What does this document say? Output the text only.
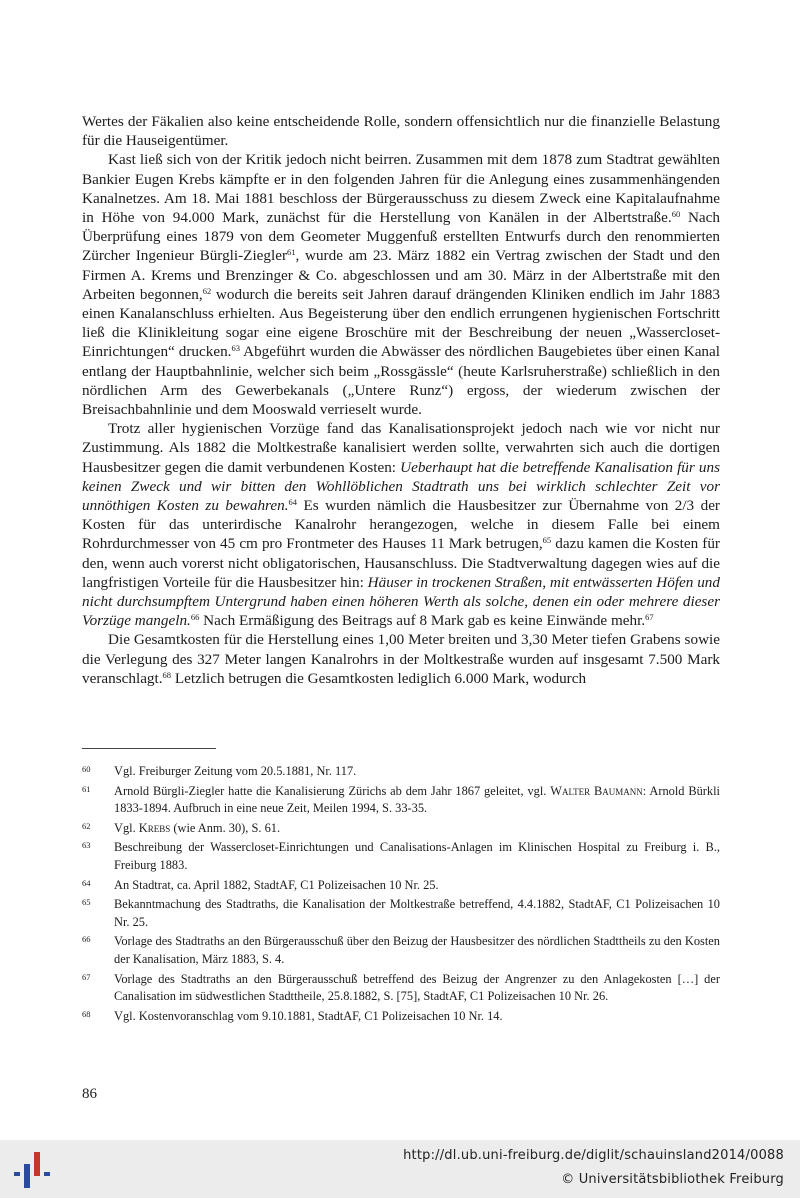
Wertes der Fäkalien also keine entscheidende Rolle, sondern offensichtlich nur die finanzielle Belastung für die Hauseigentümer.

Kast ließ sich von der Kritik jedoch nicht beirren. Zusammen mit dem 1878 zum Stadtrat gewählten Bankier Eugen Krebs kämpfte er in den folgenden Jahren für die Anlegung eines zusammenhängenden Kanalnetzes. Am 18. Mai 1881 beschloss der Bürgerausschuss zu diesem Zweck eine Kapitalaufnahme in Höhe von 94.000 Mark, zunächst für die Herstellung von Kanälen in der Albertstraße.$^{60}$ Nach Überprüfung eines 1879 von dem Geometer Muggenfuß erstellten Entwurfs durch den renommierten Zürcher Ingenieur Bürgli-Ziegler$^{61}$, wurde am 23. März 1882 ein Vertrag zwischen der Stadt und den Firmen A. Krems und Brenzinger & Co. abgeschlossen und am 30. März in der Albertstraße mit den Arbeiten begonnen,$^{62}$ wodurch die bereits seit Jahren darauf drängenden Kliniken endlich im Jahr 1883 einen Kanalanschluss erhielten. Aus Begeisterung über den endlich errungenen hygienischen Fortschritt ließ die Klinikleitung sogar eine eigene Broschüre mit der Beschreibung der neuen „Wassercloset-Einrichtungen“ drucken.$^{63}$ Abgeführt wurden die Abwässer des nördlichen Baugebietes über einen Kanal entlang der Hauptbahnlinie, welcher sich beim „Rossgässle“ (heute Karlsruherstraße) schließlich in den nördlichen Arm des Gewerbekanals („Untere Runz“) ergoss, der wiederum zwischen der Breisachbahnlinie und dem Mooswald verrieselt wurde.

Trotz aller hygienischen Vorzüge fand das Kanalisationsprojekt jedoch nach wie vor nicht nur Zustimmung. Als 1882 die Moltkestraße kanalisiert werden sollte, verwahrten sich auch die dortigen Hausbesitzer gegen die damit verbundenen Kosten: Ueberhaupt hat die betreffende Kanalisation für uns keinen Zweck und wir bitten den Wohllöblichen Stadtrath uns bei wirklich schlechter Zeit vor unnöthigen Kosten zu bewahren.$^{64}$ Es wurden nämlich die Hausbesitzer zur Übernahme von 2/3 der Kosten für das unterirdische Kanalrohr herangezogen, welche in diesem Falle bei einem Rohrdurchmesser von 45 cm pro Frontmeter des Hauses 11 Mark betrugen,$^{65}$ dazu kamen die Kosten für den, wenn auch vorerst nicht obligatorischen, Hausanschluss. Die Stadtverwaltung dagegen wies auf die langfristigen Vorteile für die Hausbesitzer hin: Häuser in trockenen Straßen, mit entwässerten Höfen und nicht durchsumpftem Untergrund haben einen höheren Werth als solche, denen ein oder mehrere dieser Vorzüge mangeln.$^{66}$ Nach Ermäßigung des Beitrags auf 8 Mark gab es keine Einwände mehr.$^{67}$

Die Gesamtkosten für die Herstellung eines 1,00 Meter breiten und 3,30 Meter tiefen Grabens sowie die Verlegung des 327 Meter langen Kanalrohrs in der Moltkestraße wurden auf insgesamt 7.500 Mark veranschlagt.$^{68}$ Letzlich betrugen die Gesamtkosten lediglich 6.000 Mark, wodurch

60	Vgl. Freiburger Zeitung vom 20.5.1881, Nr. 117.
61	Arnold Bürgli-Ziegler hatte die Kanalisierung Zürichs ab dem Jahr 1867 geleitet, vgl. Walter Baumann: Arnold Bürkli 1833-1894. Aufbruch in eine neue Zeit, Meilen 1994, S. 33-35.
62	Vgl. Krebs (wie Anm. 30), S. 61.
63	Beschreibung der Wassercloset-Einrichtungen und Canalisations-Anlagen im Klinischen Hospital zu Freiburg i. B., Freiburg 1883.
64	An Stadtrat, ca. April 1882, StadtAF, C1 Polizeisachen 10 Nr. 25.
65	Bekanntmachung des Stadtraths, die Kanalisation der Moltkestraße betreffend, 4.4.1882, StadtAF, C1 Polizeisachen 10 Nr. 25.
66	Vorlage des Stadtraths an den Bürgerausschuß über den Beizug der Hausbesitzer des nördlichen Stadttheils zu den Kosten der Kanalisation, März 1883, S. 4.
67	Vorlage des Stadtraths an den Bürgerausschuß betreffend des Beizug der Angrenzer zu den Anlagekosten […] der Canalisation im südwestlichen Stadttheile, 25.8.1882, S. [75], StadtAF, C1 Polizeisachen 10 Nr. 26.
68	Vgl. Kostenvoranschlag vom 9.10.1881, StadtAF, C1 Polizeisachen 10 Nr. 14.
86
http://dl.ub.uni-freiburg.de/diglit/schauinsland2014/0088
© Universitätsbibliothek Freiburg
